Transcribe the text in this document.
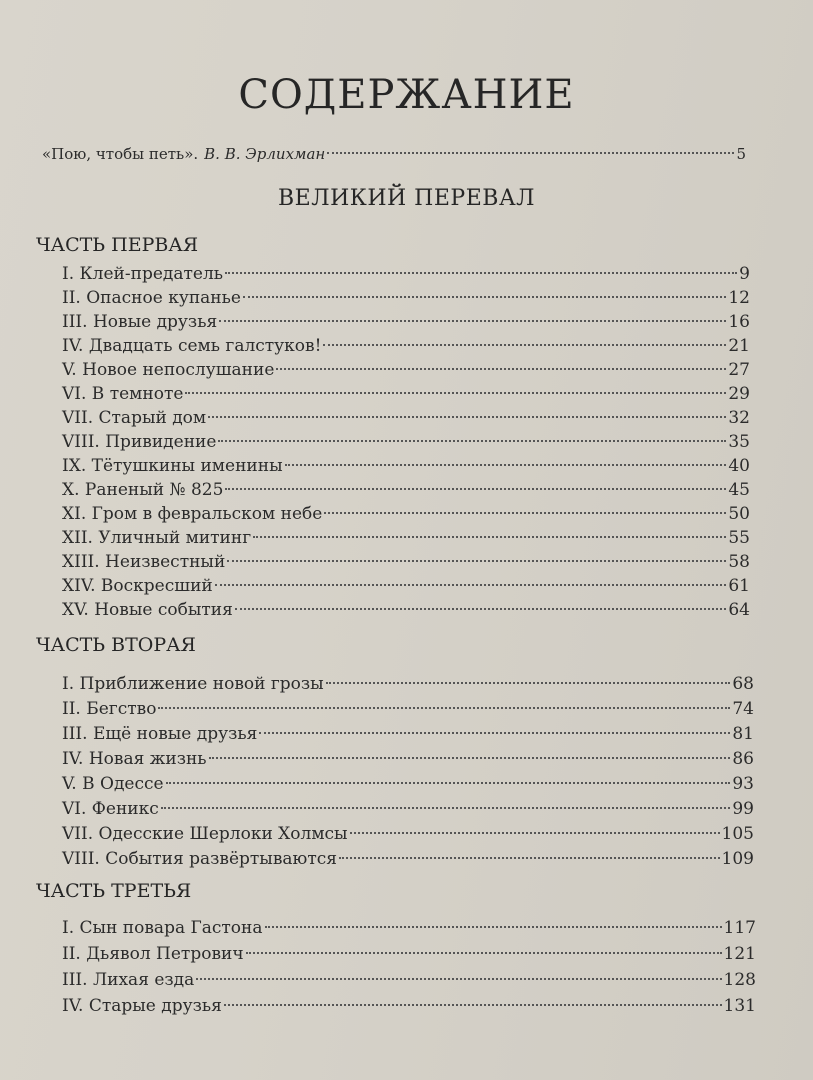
СОДЕРЖАНИЕ
«Пою, чтобы петь». В. В. Эрлихман	5
ВЕЛИКИЙ ПЕРЕВАЛ
ЧАСТЬ ПЕРВАЯ
I. Клей-предатель	9
II. Опасное купанье	12
III. Новые друзья	16
IV. Двадцать семь галстуков!	21
V. Новое непослушание	27
VI. В темноте	29
VII. Старый дом	32
VIII. Привидение	35
IX. Тётушкины именины	40
X. Раненый № 825	45
XI. Гром в февральском небе	50
XII. Уличный митинг	55
XIII. Неизвестный	58
XIV. Воскресший	61
XV. Новые события	64
ЧАСТЬ ВТОРАЯ
I. Приближение новой грозы	68
II. Бегство	74
III. Ещё новые друзья	81
IV. Новая жизнь	86
V. В Одессе	93
VI. Феникс	99
VII. Одесские Шерлоки Холмсы	105
VIII. События развёртываются	109
ЧАСТЬ ТРЕТЬЯ
I. Сын повара Гастона	117
II. Дьявол Петрович	121
III. Лихая езда	128
IV. Старые друзья	131
